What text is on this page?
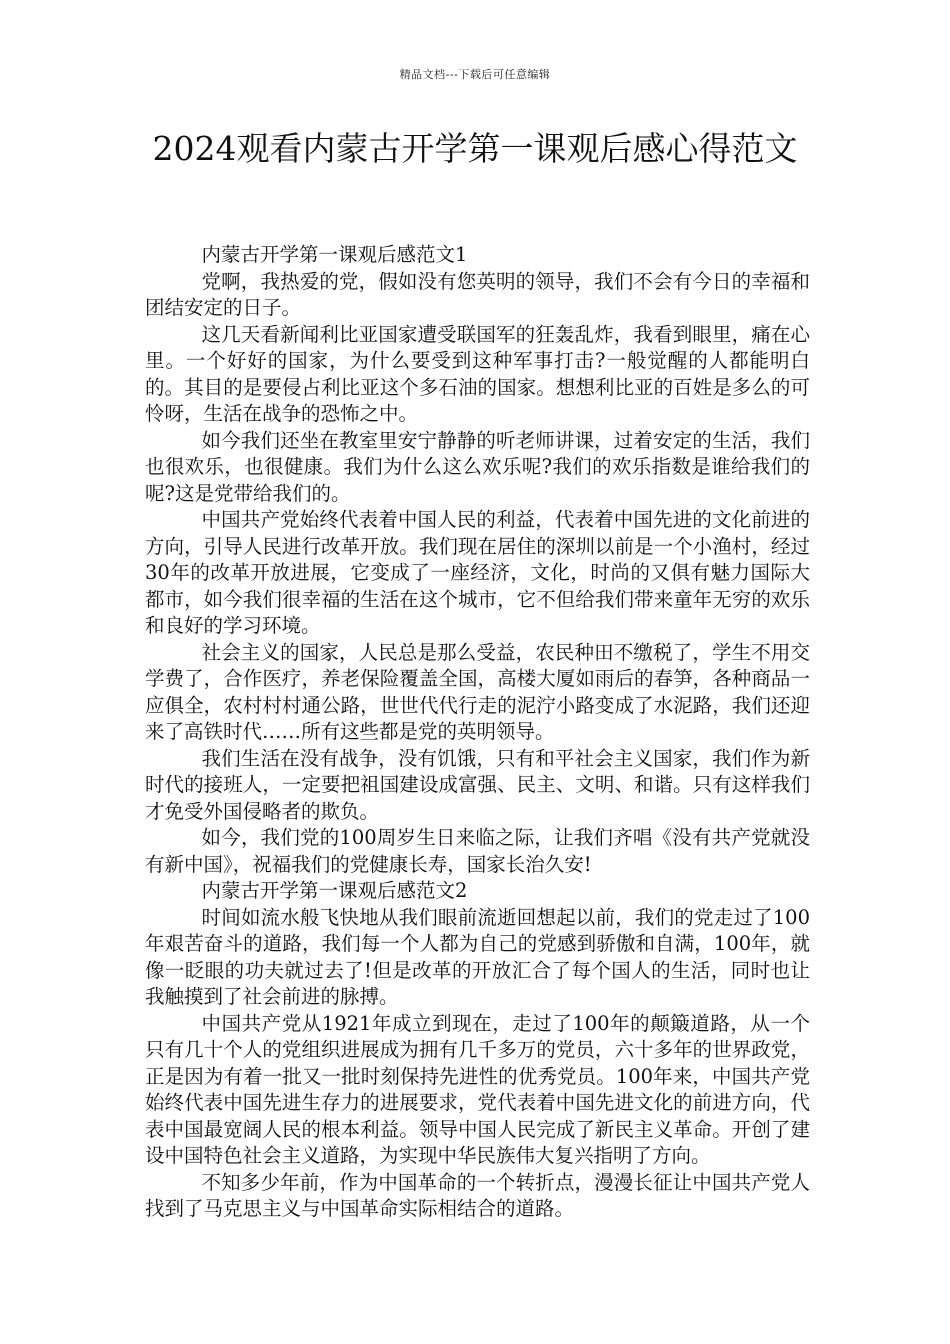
精品文档---下载后可任意编辑
2024观看内蒙古开学第一课观后感心得范文

内蒙古开学第一课观后感范文1

党啊，我热爱的党，假如没有您英明的领导，我们不会有今日的幸福和团结安定的日子。

这几天看新闻利比亚国家遭受联国军的狂轰乱炸，我看到眼里，痛在心里。一个好好的国家，为什么要受到这种军事打击?一般觉醒的人都能明白的。其目的是要侵占利比亚这个多石油的国家。想想利比亚的百姓是多么的可怜呀，生活在战争的恐怖之中。

如今我们还坐在教室里安宁静静的听老师讲课，过着安定的生活，我们也很欢乐，也很健康。我们为什么这么欢乐呢?我们的欢乐指数是谁给我们的呢?这是党带给我们的。

中国共产党始终代表着中国人民的利益，代表着中国先进的文化前进的方向，引导人民进行改革开放。我们现在居住的深圳以前是一个小渔村，经过30年的改革开放进展，它变成了一座经济，文化，时尚的又俱有魅力国际大都市，如今我们很幸福的生活在这个城市，它不但给我们带来童年无穷的欢乐和良好的学习环境。

社会主义的国家，人民总是那么受益，农民种田不缴税了，学生不用交学费了，合作医疗，养老保险覆盖全国，高楼大厦如雨后的春笋，各种商品一应俱全，农村村村通公路，世世代代行走的泥泞小路变成了水泥路，我们还迎来了高铁时代……所有这些都是党的英明领导。

我们生活在没有战争，没有饥饿，只有和平社会主义国家，我们作为新时代的接班人，一定要把祖国建设成富强、民主、文明、和谐。只有这样我们才免受外国侵略者的欺负。

如今，我们党的100周岁生日来临之际，让我们齐唱《没有共产党就没有新中国》，祝福我们的党健康长寿，国家长治久安!

内蒙古开学第一课观后感范文2

时间如流水般飞快地从我们眼前流逝回想起以前，我们的党走过了100年艰苦奋斗的道路，我们每一个人都为自己的党感到骄傲和自满，100年，就像一眨眼的功夫就过去了!但是改革的开放汇合了每个国人的生活，同时也让我触摸到了社会前进的脉搏。

中国共产党从1921年成立到现在，走过了100年的颠簸道路，从一个只有几十个人的党组织进展成为拥有几千多万的党员，六十多年的世界政党，正是因为有着一批又一批时刻保持先进性的优秀党员。100年来，中国共产党始终代表中国先进生存力的进展要求，党代表着中国先进文化的前进方向，代表中国最宽阔人民的根本利益。领导中国人民完成了新民主义革命。开创了建设中国特色社会主义道路，为实现中华民族伟大复兴指明了方向。

不知多少年前，作为中国革命的一个转折点，漫漫长征让中国共产党人找到了马克思主义与中国革命实际相结合的道路。
